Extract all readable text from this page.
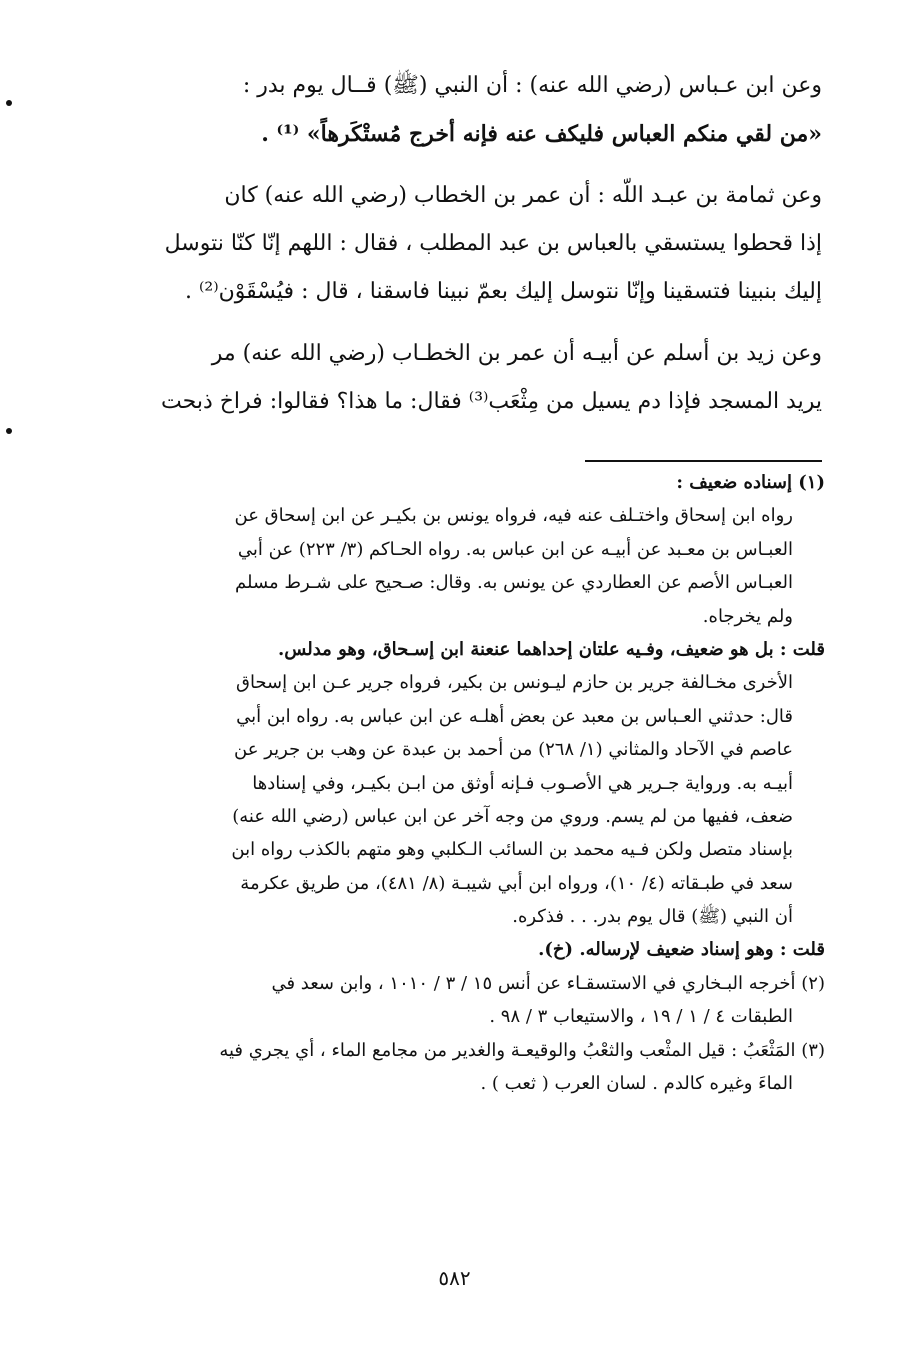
وعن ابن عـباس (رضي الله عنه) : أن النبي (ﷺ) قــال يوم بدر :
«من لقي منكم العباس فليكف عنه فإنه أخرج مُستْكَرهاً» ⁽¹⁾ .
وعن ثمامة بن عبـد اللّه : أن عمر بن الخطاب (رضي الله عنه) كان
إذا قحطوا يستسقي بالعباس بن عبد المطلب ، فقال : اللهم إنّا كنّا نتوسل
إليك بنبينا فتسقينا وإنّا نتوسل إليك بعمّ نبينا فاسقنا ، قال : فيُسْقَوْن⁽²⁾ .
وعن زيد بن أسلم عن أبيـه أن عمر بن الخطـاب (رضي الله عنه) مر
يريد المسجد فإذا دم يسيل من مِثْعَب⁽³⁾ فقال: ما هذا؟ فقالوا: فراخ ذبحت
(١) إسناده ضعيف :
رواه ابن إسحاق واختـلف عنه فيه، فرواه يونس بن بكيـر عن ابن إسحاق عن
العبـاس بن معـبد عن أبيـه عن ابن عباس به. رواه الحـاكم (٣/ ٢٢٣) عن أبي
العبـاس الأصم عن العطاردي عن يونس به. وقال: صـحيح على شـرط مسلم
ولم يخرجاه.
قلت : بل هو ضعيف، وفـيه علتان إحداهما عنعنة ابن إسـحاق، وهو مدلس.
الأخرى مخـالفة جرير بن حازم ليـونس بن بكير، فرواه جرير عـن ابن إسحاق
قال: حدثني العـباس بن معبد عن بعض أهلـه عن ابن عباس به. رواه ابن أبي
عاصم في الآحاد والمثاني (١/ ٢٦٨) من أحمد بن عبدة عن وهب بن جرير عن
أبيـه به. ورواية جـرير هي الأصـوب فـإنه أوثق من ابـن بكيـر، وفي إسنادها
ضعف، ففيها من لم يسم. وروي من وجه آخر عن ابن عباس (رضي الله عنه)
بإسناد متصل ولكن فـيه محمد بن السائب الـكلبي وهو متهم بالكذب رواه ابن
سعد في طبـقاته (٤/ ١٠)، ورواه ابن أبي شيبـة (٨/ ٤٨١)، من طريق عكرمة
أن النبي (ﷺ) قال يوم بدر. . . فذكره.
قلت : وهو إسناد ضعيف لإرساله. (خ).
(٢) أخرجه البـخاري في الاستسقـاء عن أنس ١٥ / ٣ / ١٠١٠ ، وابن سعد في
الطبقات ٤ / ١ / ١٩ ، والاستيعاب ٣ / ٩٨ .
(٣) المَثْعَبُ : قيل المثْعب والثعْبُ والوقيعـة والغدير من مجامع الماء ، أي يجري فيه
الماءَ وغيره كالدم . لسان العرب ( ثعب ) .
٥٨٢
